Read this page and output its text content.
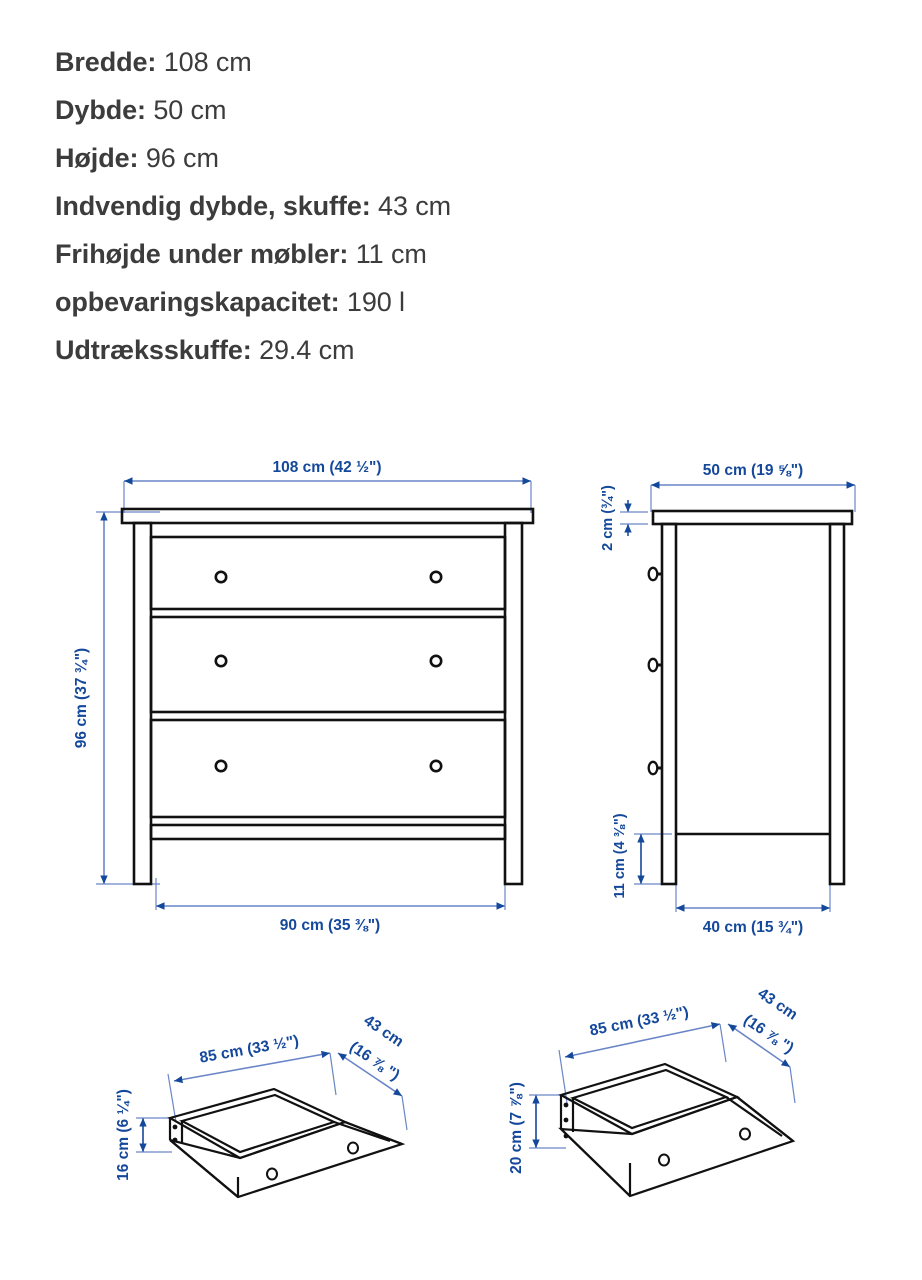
Bredde: 108 cm
Dybde: 50 cm
Højde: 96 cm
Indvendig dybde, skuffe: 43 cm
Frihøjde under møbler: 11 cm
opbevaringskapacitet: 190 l
Udtræksskuffe: 29.4 cm
108 cm (42 ½")
96 cm (37 ¾")
90 cm (35 ⅜")
50 cm (19 ⅝")
2 cm (¾")
11 cm (4 ⅜")
40 cm (15 ¾")
85 cm (33 ½")	43 cm
(16 ⅞ ")
16 cm (6 ¼")
85 cm (33 ½")	43 cm
(16 ⅞ ")
20 cm (7 ⅞")
